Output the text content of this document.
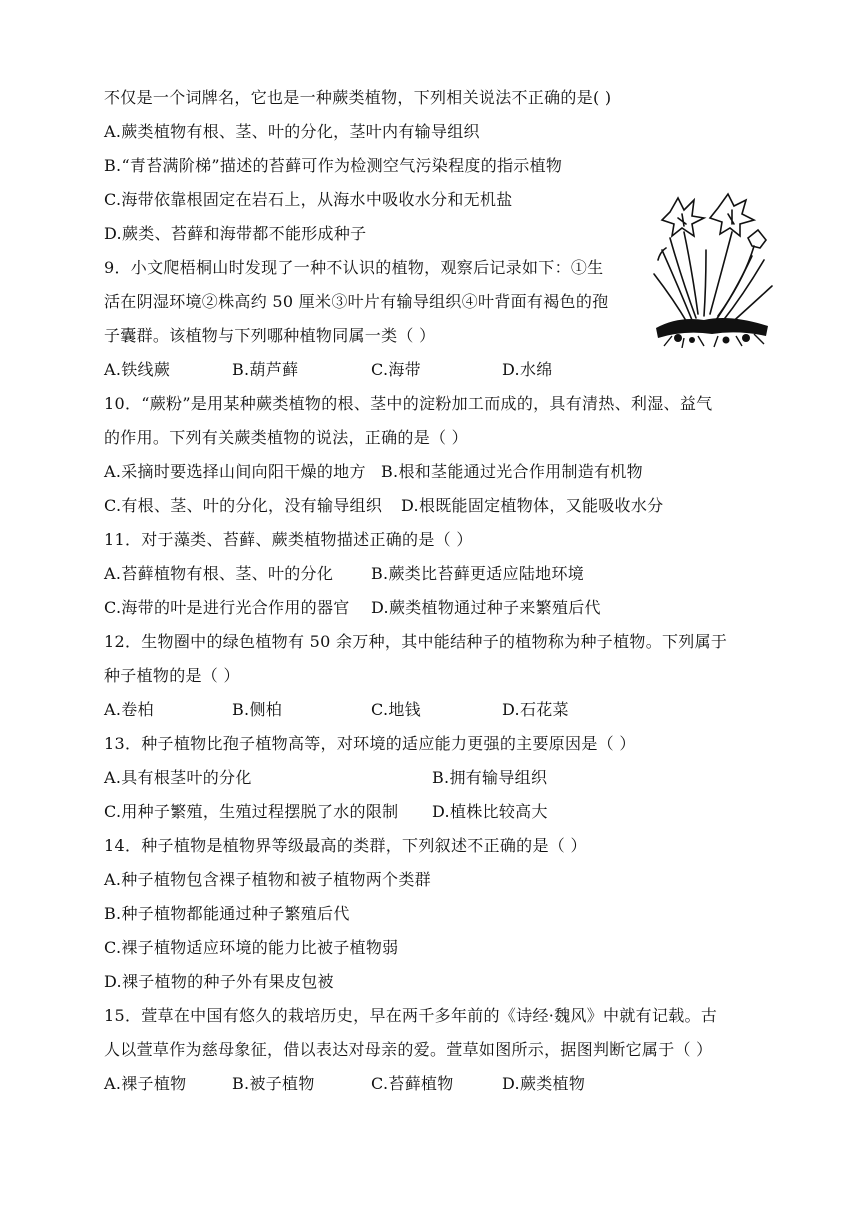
不仅是一个词牌名，它也是一种蕨类植物，下列相关说法不正确的是( )
A.蕨类植物有根、茎、叶的分化，茎叶内有输导组织
B.“青苔满阶梯”描述的苔藓可作为检测空气污染程度的指示植物
C.海带依靠根固定在岩石上，从海水中吸收水分和无机盐
D.蕨类、苔藓和海带都不能形成种子
9．小文爬梧桐山时发现了一种不认识的植物，观察后记录如下：①生
活在阴湿环境②株高约 50 厘米③叶片有输导组织④叶背面有褐色的孢
子囊群。该植物与下列哪种植物同属一类（ ）
A.铁线蕨	B.葫芦藓	C.海带	D.水绵
10．“蕨粉”是用某种蕨类植物的根、茎中的淀粉加工而成的，具有清热、利湿、益气
的作用。下列有关蕨类植物的说法，正确的是（ ）
A.采摘时要选择山间向阳干燥的地方 B.根和茎能通过光合作用制造有机物
C.有根、茎、叶的分化，没有输导组织 D.根既能固定植物体，又能吸收水分
11．对于藻类、苔藓、蕨类植物描述正确的是（ ）
A.苔藓植物有根、茎、叶的分化 B.蕨类比苔藓更适应陆地环境
C.海带的叶是进行光合作用的器官 D.蕨类植物通过种子来繁殖后代
12．生物圈中的绿色植物有 50 余万种，其中能结种子的植物称为种子植物。下列属于
种子植物的是（ ）
A.卷柏	B.侧柏	C.地钱	D.石花菜
13．种子植物比孢子植物高等，对环境的适应能力更强的主要原因是（ ）
A.具有根茎叶的分化	B.拥有输导组织
C.用种子繁殖，生殖过程摆脱了水的限制 D.植株比较高大
14．种子植物是植物界等级最高的类群，下列叙述不正确的是（ ）
A.种子植物包含裸子植物和被子植物两个类群
B.种子植物都能通过种子繁殖后代
C.裸子植物适应环境的能力比被子植物弱
D.裸子植物的种子外有果皮包被
15．萱草在中国有悠久的栽培历史，早在两千多年前的《诗经·魏风》中就有记载。古
人以萱草作为慈母象征，借以表达对母亲的爱。萱草如图所示，据图判断它属于（ ）
A.裸子植物	B.被子植物	C.苔藓植物	D.蕨类植物
